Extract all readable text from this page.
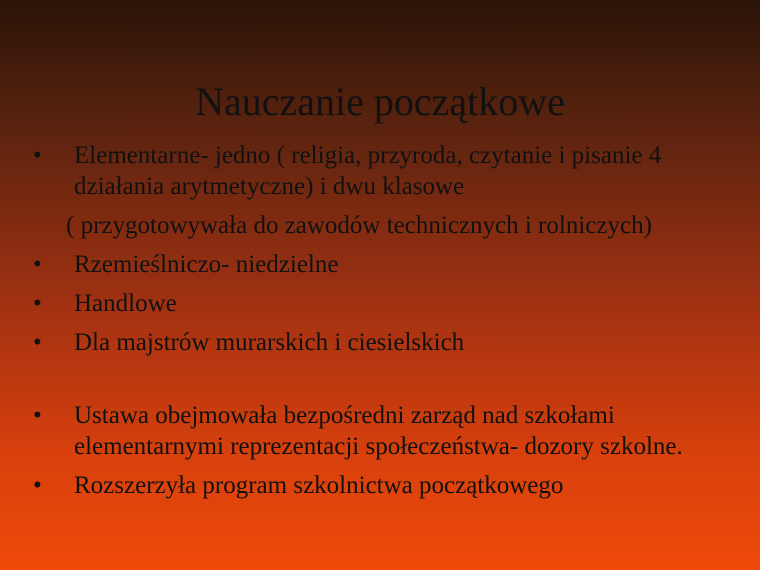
Nauczanie początkowe
• Elementarne- jedno ( religia, przyroda, czytanie i pisanie 4 działania arytmetyczne) i dwu klasowe
( przygotowywała do zawodów technicznych i rolniczych)
• Rzemieślniczo- niedzielne
• Handlowe
• Dla majstrów murarskich i ciesielskich
• Ustawa obejmowała bezpośredni zarząd nad szkołami elementarnymi reprezentacji społeczeństwa- dozory szkolne.
• Rozszerzyła program szkolnictwa początkowego
